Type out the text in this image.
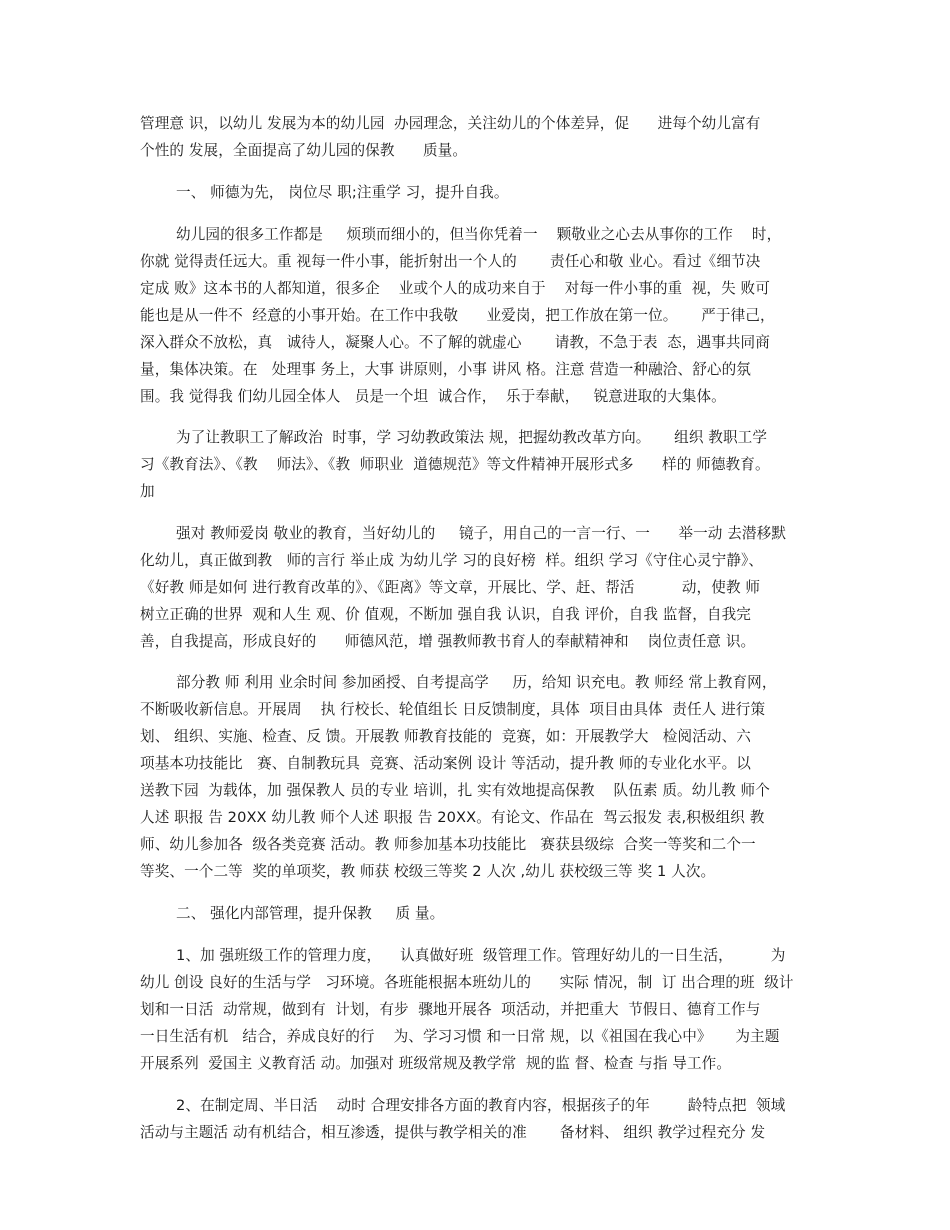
管理意 识，以幼儿 发展为本的幼儿园  办园理念，关注幼儿的个体差异，促      进每个幼儿富有
个性的 发展，全面提高了幼儿园的保教      质量。
一、 师德为先， 岗位尽 职;注重学 习，提升自我。
幼儿园的很多工作都是     烦琐而细小的，但当你凭着一    颗敬业之心去从事你的工作    时，
你就 觉得责任远大。重 视每一件小事，能折射出一个人的       责任心和敬 业心。看过《细节决
定成 败》这本书的人都知道，很多企    业或个人的成功来自于    对每一件小事的重  视，失 败可
能也是从一件不  经意的小事开始。在工作中我敬      业爱岗，把工作放在第一位。     严于律己，
深入群众不放松，真   诚待人，凝聚人心。不了解的就虚心       请教，不急于表  态，遇事共同商
量，集体决策。在   处理事 务上，大事 讲原则，小事 讲风 格。注意 营造一种融洽、舒心的氛
围。我 觉得我 们幼儿园全体人   员是一个坦  诚合作，  乐于奉献，   锐意进取的大集体。
为了让教职工了解政治  时事，学 习幼教政策法 规，把握幼教改革方向。     组织 教职工学
习《教育法》、《教    师法》、《教  师职业  道德规范》等文件精神开展形式多      样的 师德教育。
加
强对 教师爱岗 敬业的教育，当好幼儿的     镜子，用自己的一言一行、一      举一动 去潜移默
化幼儿，真正做到教   师的言行 举止成 为幼儿学 习的良好榜  样。组织 学习《守住心灵宁静》、
《好教 师是如何 进行教育改革的》、《距离》等文章，开展比、学、赶、帮活          动，使教 师
树立正确的世界  观和人生 观、价 值观，不断加 强自我 认识，自我 评价，自我 监督，自我完
善，自我提高，形成良好的      师德风范，增 强教师教书育人的奉献精神和    岗位责任意 识。
部分教 师 利用 业余时间 参加函授、自考提高学     历，给知 识充电。教 师经 常上教育网，
不断吸收新信息。开展周    执 行校长、轮值组长 日反馈制度，具体  项目由具体  责任人 进行策
划、 组织、实施、检查、反 馈。开展教 师教育技能的  竞赛，如：开展教学大   检阅活动、六
项基本功技能比   赛、自制教玩具  竞赛、活动案例 设计 等活动，提升教 师的专业化水平。以
送教下园  为载体，加 强保教人 员的专业 培训，扎 实有效地提高保教    队伍素 质。幼儿教 师个
人述 职报 告 20XX 幼儿教 师个人述 职报 告 20XX。有论文、作品在  驾云报发 表,积极组织 教
师、幼儿参加各  级各类竞赛 活动。教 师参加基本功技能比   赛获县级综  合奖一等奖和二个一
等奖、一个二等  奖的单项奖，教 师获 校级三等奖 2 人次 ,幼儿 获校级三等 奖 1 人次。
二、 强化内部管理，提升保教     质 量。
1、加 强班级工作的管理力度，    认真做好班  级管理工作。管理好幼儿的一日生活，        为
幼儿 创设 良好的生活与学   习环境。各班能根据本班幼儿的      实际 情况，制  订 出合理的班  级计
划和一日活  动常规，做到有  计划，有步  骤地开展各  项活动，并把重大  节假日、德育工作与
一日生活有机   结合，养成良好的行    为、学习习惯 和一日常 规，以《祖国在我心中》     为主题
开展系列  爱国主 义教育活 动。加强对 班级常规及教学常  规的监 督、检查 与指 导工作。
2、在制定周、半日活    动时 合理安排各方面的教育内容，根据孩子的年        龄特点把  领域
活动与主题活 动有机结合，相互渗透，提供与教学相关的准       备材料、 组织 教学过程充分 发
